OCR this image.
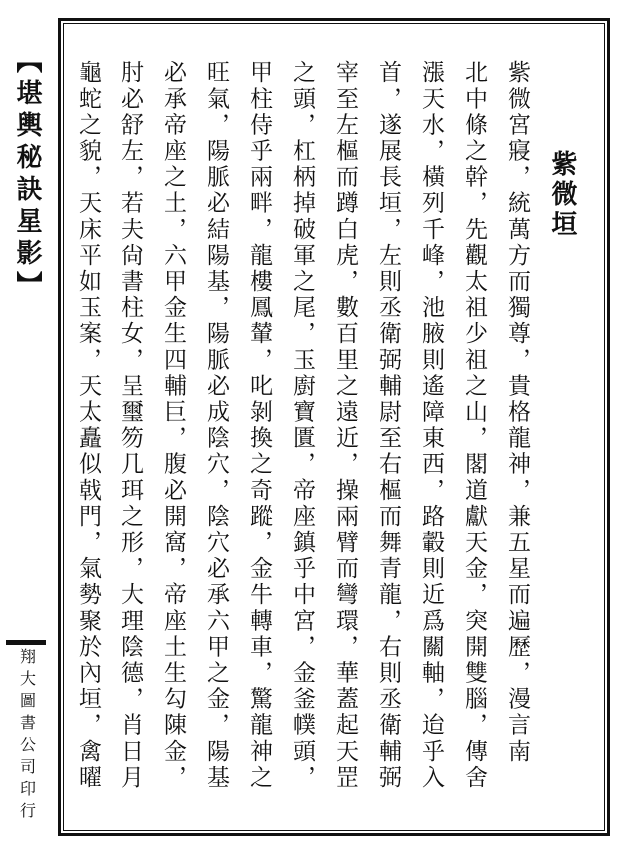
【堪輿秘訣星影】
翔大圖書公司印行
紫微垣
紫微宮寢，統萬方而獨尊，貴格龍神，兼五星而遍歷，漫言南
北中條之幹，先觀太祖少祖之山，閣道獻天金，突開雙腦，傳舍
漲天水，橫列千峰，池腋則遙障東西，路轂則近爲關軸，迨乎入
首，遂展長垣，左則丞衛弼輔尉至右樞而舞青龍，右則丞衛輔弼
宰至左樞而蹲白虎，數百里之遠近，操兩臂而彎環，華蓋起天罡
之頭，杠柄掉破軍之尾，玉廚寶匱，帝座鎮乎中宮，金釜幞頭，
甲柱侍乎兩畔，龍樓鳳輦，叱剝換之奇蹤，金牛轉車，驚龍神之
旺氣，陽脈必結陽基，陽脈必成陰穴，陰穴必承六甲之金，陽基
必承帝座之土，六甲金生四輔巨，腹必開窩，帝座土生勾陳金，
肘必舒左，若夫尙書柱女，呈璽笏几珥之形，大理陰德，肖日月
龜蛇之貌，天床平如玉案，天太矗似戟門，氣勢聚於內垣，禽曜
